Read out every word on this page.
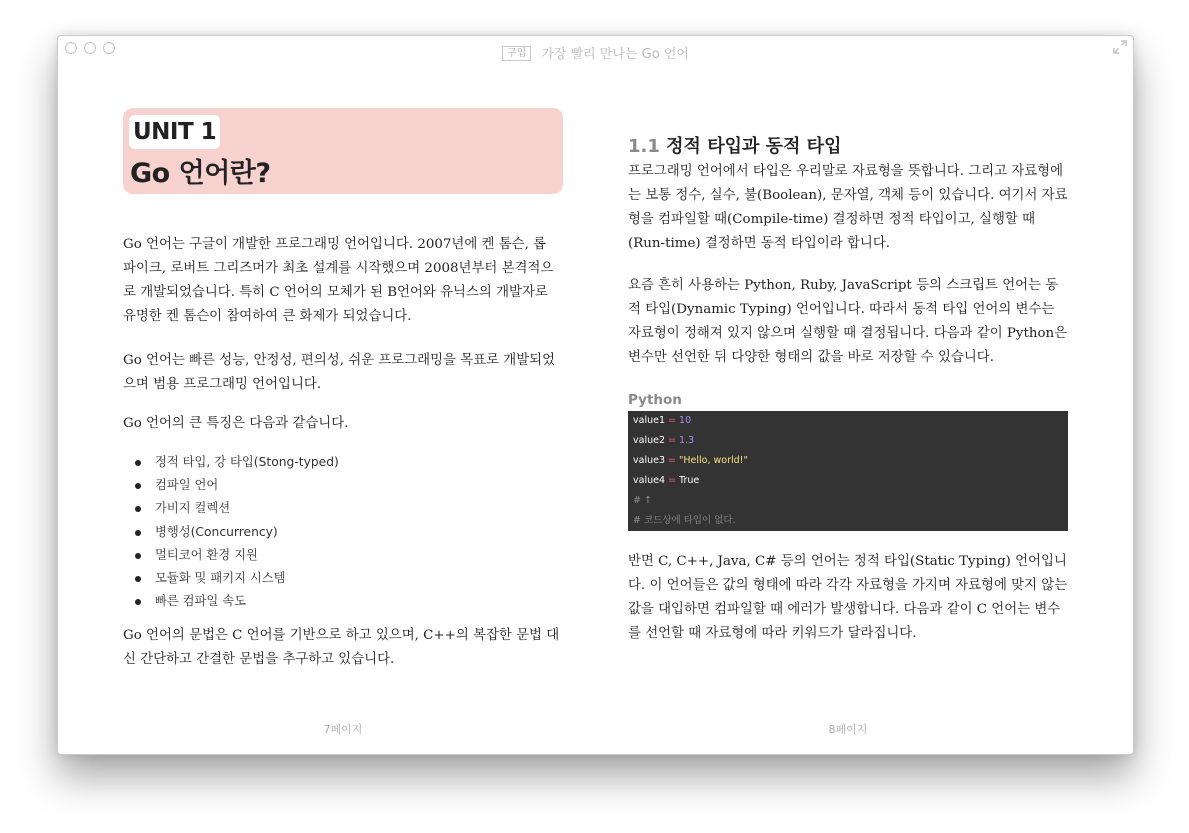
구입 가장 빨리 만나는 Go 언어
UNIT 1
Go 언어란?

Go 언어는 구글이 개발한 프로그래밍 언어입니다. 2007년에 켄 톰슨, 롭 파이크, 로버트 그리즈머가 최초 설계를 시작했으며 2008년부터 본격적으로 개발되었습니다. 특히 C 언어의 모체가 된 B언어와 유닉스의 개발자로 유명한 켄 톰슨이 참여하여 큰 화제가 되었습니다.

Go 언어는 빠른 성능, 안정성, 편의성, 쉬운 프로그래밍을 목표로 개발되었으며 범용 프로그래밍 언어입니다.

Go 언어의 큰 특징은 다음과 같습니다.

정적 타입, 강 타입(Stong-typed)
컴파일 언어
가비지 컬렉션
병행성(Concurrency)
멀티코어 환경 지원
모듈화 및 패키지 시스템
빠른 컴파일 속도

Go 언어의 문법은 C 언어를 기반으로 하고 있으며, C++의 복잡한 문법 대신 간단하고 간결한 문법을 추구하고 있습니다.

7페이지
1.1 정적 타입과 동적 타입

프로그래밍 언어에서 타입은 우리말로 자료형을 뜻합니다. 그리고 자료형에는 보통 정수, 실수, 불(Boolean), 문자열, 객체 등이 있습니다. 여기서 자료형을 컴파일할 때(Compile-time) 결정하면 정적 타입이고, 실행할 때(Run-time) 결정하면 동적 타입이라 합니다.

요즘 흔히 사용하는 Python, Ruby, JavaScript 등의 스크립트 언어는 동적 타입(Dynamic Typing) 언어입니다. 따라서 동적 타입 언어의 변수는 자료형이 정해져 있지 않으며 실행할 때 결정됩니다. 다음과 같이 Python은 변수만 선언한 뒤 다양한 형태의 값을 바로 저장할 수 있습니다.

Python
value1 = 10
value2 = 1.3
value3 = "Hello, world!"
value4 = True
# ↑
# 코드상에 타입이 없다.

반면 C, C++, Java, C# 등의 언어는 정적 타입(Static Typing) 언어입니다. 이 언어들은 값의 형태에 따라 각각 자료형을 가지며 자료형에 맞지 않는 값을 대입하면 컴파일할 때 에러가 발생합니다. 다음과 같이 C 언어는 변수를 선언할 때 자료형에 따라 키워드가 달라집니다.

8페이지
